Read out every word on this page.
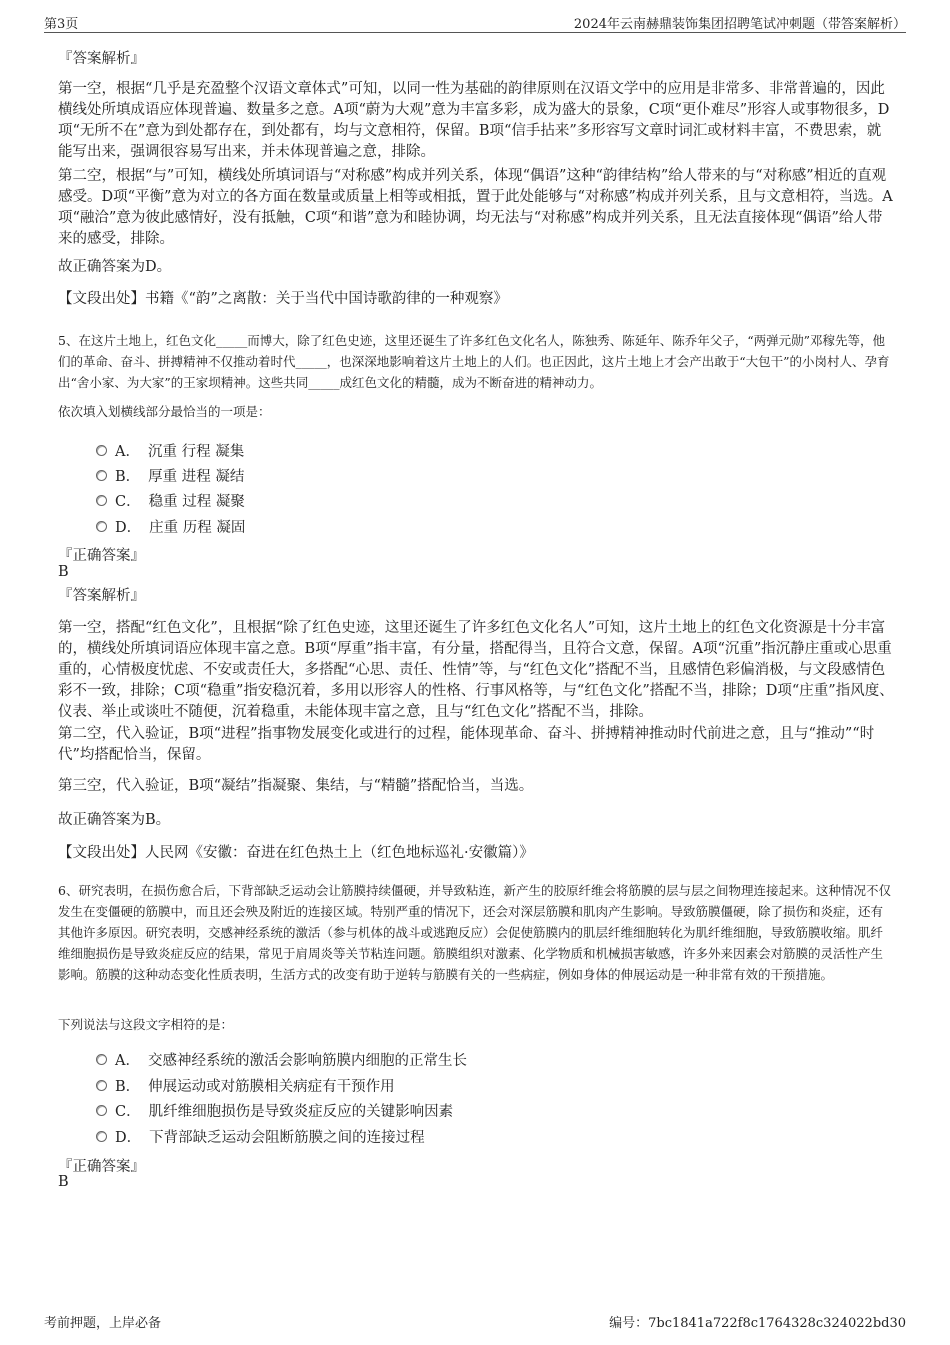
第3页	2024年云南赫鼎装饰集团招聘笔试冲刺题（带答案解析）
『答案解析』
第一空，根据“几乎是充盈整个汉语文章体式”可知，以同一性为基础的韵律原则在汉语文学中的应用是非常多、非常普遍的，因此横线处所填成语应体现普遍、数量多之意。A项“蔚为大观”意为丰富多彩，成为盛大的景象，C项“更仆难尽”形容人或事物很多，D项“无所不在”意为到处都存在，到处都有，均与文意相符，保留。B项“信手拈来”多形容写文章时词汇或材料丰富，不费思索，就能写出来，强调很容易写出来，并未体现普遍之意，排除。
第二空，根据“与”可知，横线处所填词语与“对称感”构成并列关系，体现“偶语”这种“韵律结构”给人带来的与“对称感”相近的直观感受。D项“平衡”意为对立的各方面在数量或质量上相等或相抵，置于此处能够与“对称感”构成并列关系，且与文意相符，当选。A项“融洽”意为彼此感情好，没有抵触，C项“和谐”意为和睦协调，均无法与“对称感”构成并列关系，且无法直接体现“偶语”给人带来的感受，排除。
故正确答案为D。
【文段出处】书籍《“韵”之离散：关于当代中国诗歌韵律的一种观察》
5、在这片土地上，红色文化_____而博大，除了红色史迹，这里还诞生了许多红色文化名人，陈独秀、陈延年、陈乔年父子，“两弹元勋”邓稼先等，他们的革命、奋斗、拼搏精神不仅推动着时代_____，也深深地影响着这片土地上的人们。也正因此，这片土地上才会产出敢于“大包干”的小岗村人、孕育出“舍小家、为大家”的王家坝精神。这些共同_____成红色文化的精髓，成为不断奋进的精神动力。
依次填入划横线部分最恰当的一项是：
A． 沉重 行程 凝集
B． 厚重 进程 凝结
C． 稳重 过程 凝聚
D． 庄重 历程 凝固
『正确答案』
B
『答案解析』
第一空，搭配“红色文化”，且根据“除了红色史迹，这里还诞生了许多红色文化名人”可知，这片土地上的红色文化资源是十分丰富的，横线处所填词语应体现丰富之意。B项“厚重”指丰富，有分量，搭配得当，且符合文意，保留。A项“沉重”指沉静庄重或心思重重的，心情极度忧虑、不安或责任大，多搭配“心思、责任、性情”等，与“红色文化”搭配不当，且感情色彩偏消极，与文段感情色彩不一致，排除；C项“稳重”指安稳沉着，多用以形容人的性格、行事风格等，与“红色文化”搭配不当，排除；D项“庄重”指风度、仪表、举止或谈吐不随便，沉着稳重，未能体现丰富之意，且与“红色文化”搭配不当，排除。
第二空，代入验证，B项“进程”指事物发展变化或进行的过程，能体现革命、奋斗、拼搏精神推动时代前进之意，且与“推动”“时代”均搭配恰当，保留。
第三空，代入验证，B项“凝结”指凝聚、集结，与“精髓”搭配恰当，当选。
故正确答案为B。
【文段出处】人民网《安徽：奋进在红色热土上（红色地标巡礼·安徽篇）》
6、研究表明，在损伤愈合后，下背部缺乏运动会让筋膜持续僵硬，并导致粘连，新产生的胶原纤维会将筋膜的层与层之间物理连接起来。这种情况不仅发生在变僵硬的筋膜中，而且还会殃及附近的连接区域。特别严重的情况下，还会对深层筋膜和肌肉产生影响。导致筋膜僵硬，除了损伤和炎症，还有其他许多原因。研究表明，交感神经系统的激活（参与机体的战斗或逃跑反应）会促使筋膜内的肌层纤维细胞转化为肌纤维细胞，导致筋膜收缩。肌纤维细胞损伤是导致炎症反应的结果，常见于肩周炎等关节粘连问题。筋膜组织对激素、化学物质和机械损害敏感，许多外来因素会对筋膜的灵活性产生影响。筋膜的这种动态变化性质表明，生活方式的改变有助于逆转与筋膜有关的一些病症，例如身体的伸展运动是一种非常有效的干预措施。
下列说法与这段文字相符的是：
A． 交感神经系统的激活会影响筋膜内细胞的正常生长
B． 伸展运动或对筋膜相关病症有干预作用
C． 肌纤维细胞损伤是导致炎症反应的关键影响因素
D． 下背部缺乏运动会阻断筋膜之间的连接过程
『正确答案』
B
考前押题，上岸必备	编号：7bc1841a722f8c1764328c324022bd30
